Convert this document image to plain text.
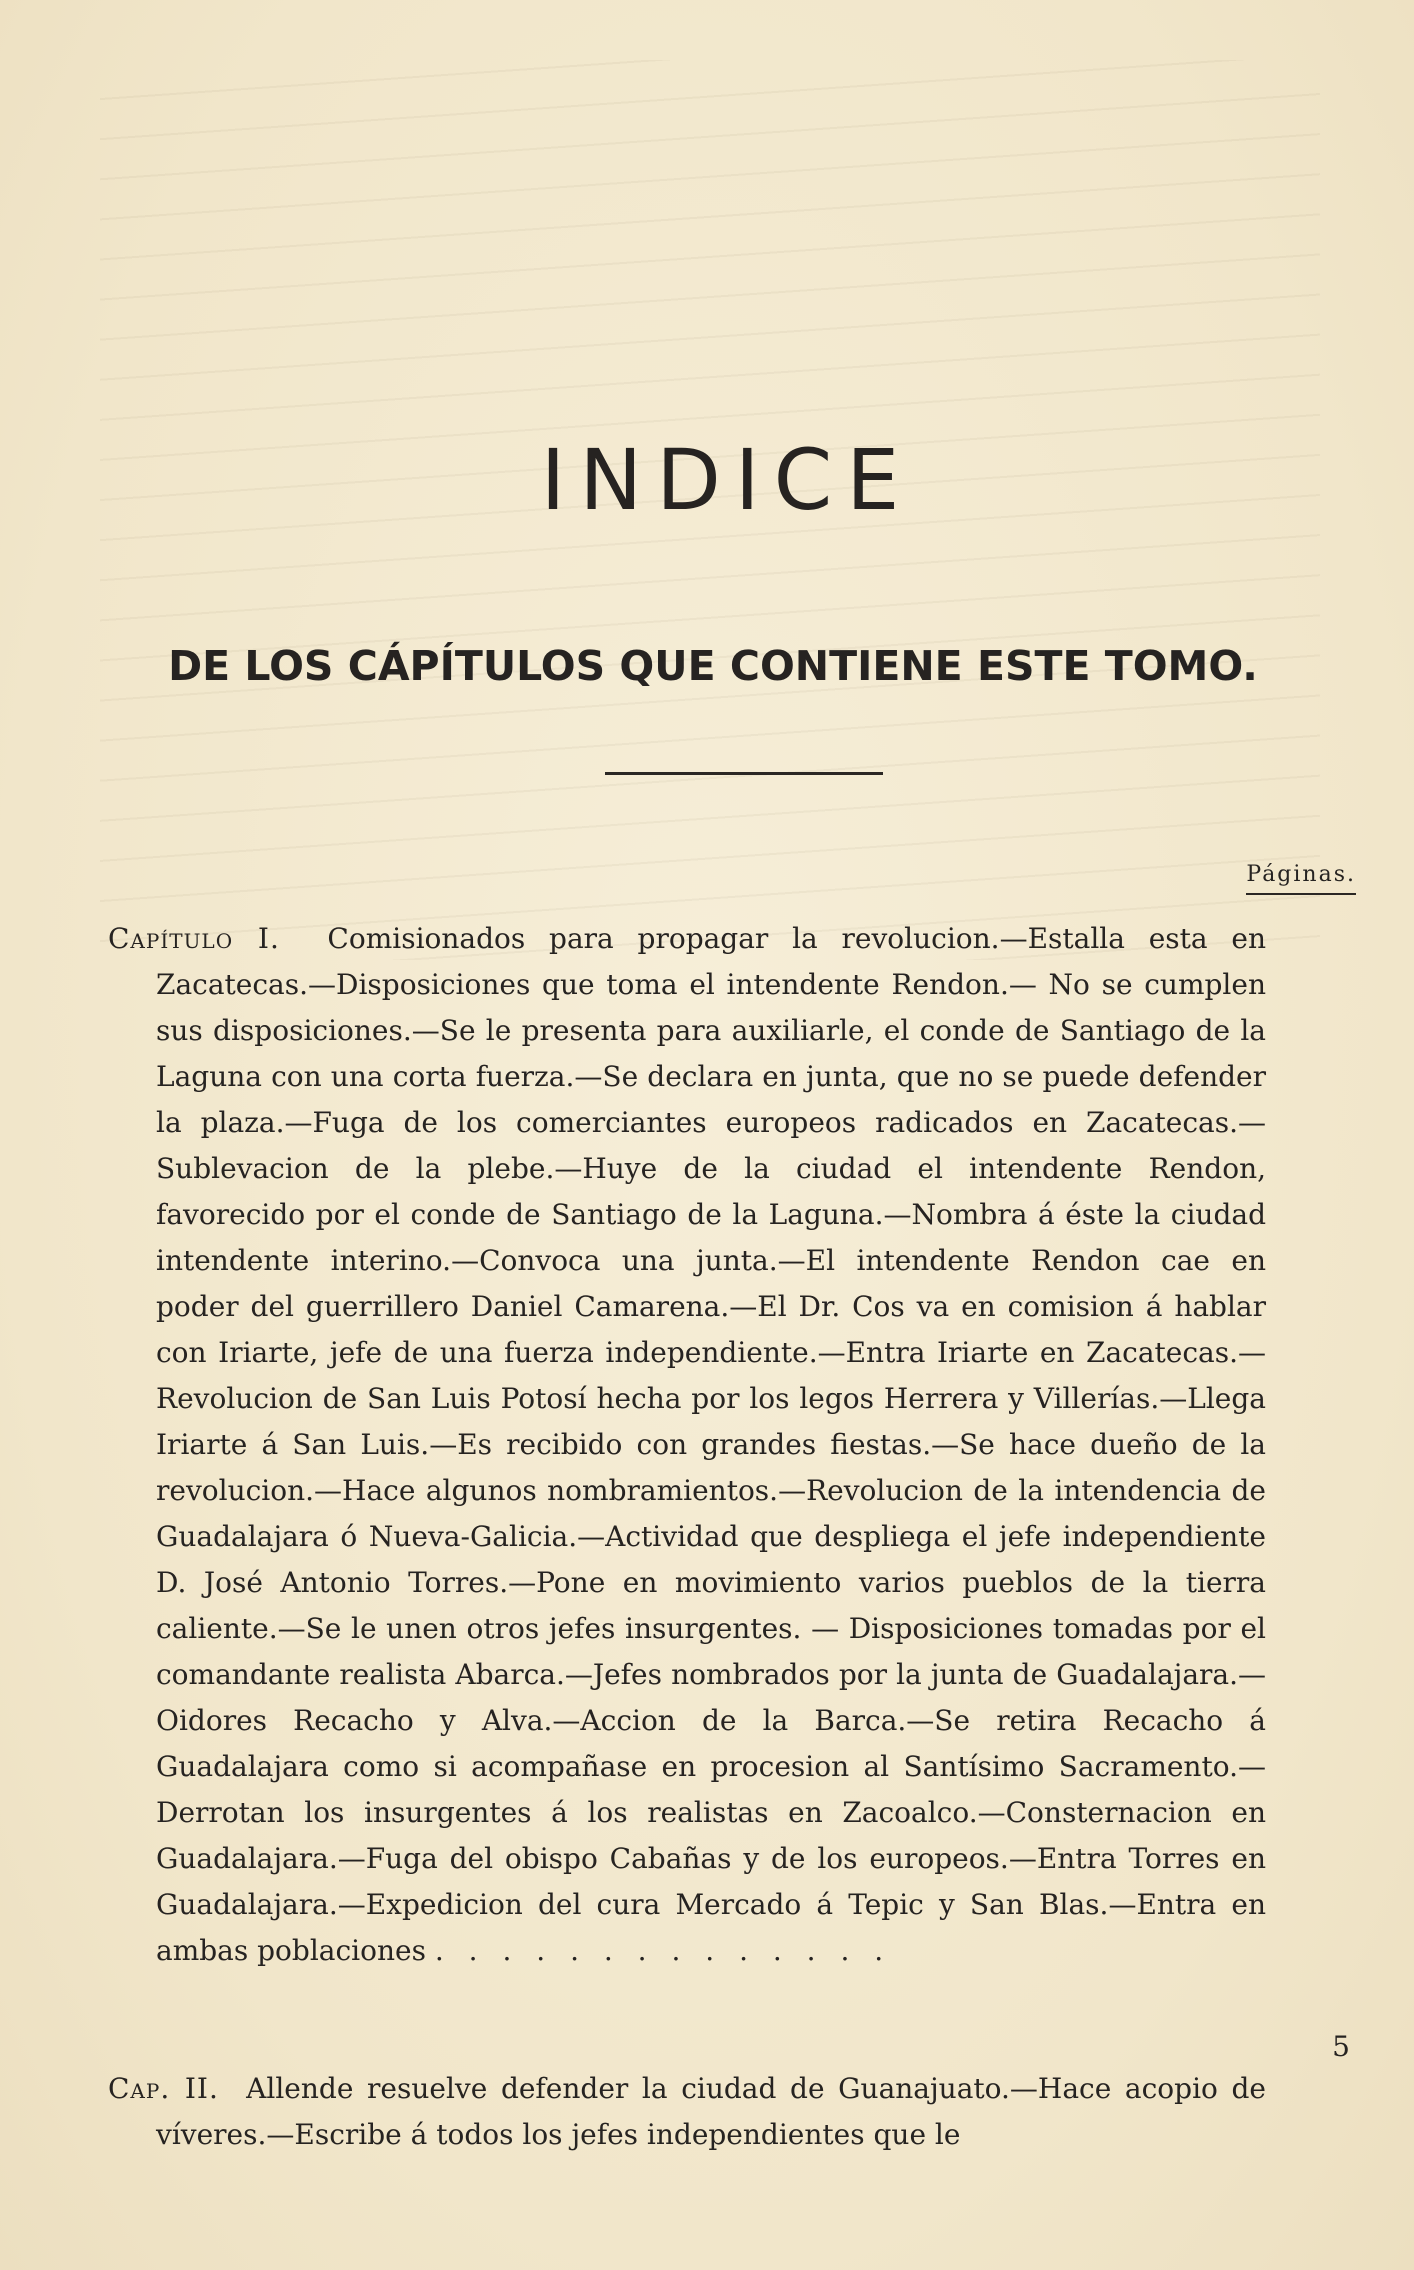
INDICE
DE LOS CÁPÍTULOS QUE CONTIENE ESTE TOMO.
Páginas.
Capítulo I. Comisionados para propagar la revolucion.—Estalla esta en Zacatecas.—Disposiciones que toma el intendente Rendon.— No se cumplen sus disposiciones.—Se le presenta para auxiliarle, el conde de Santiago de la Laguna con una corta fuerza.—Se declara en junta, que no se puede defender la plaza.—Fuga de los comerciantes europeos radicados en Zacatecas.—Sublevacion de la plebe.—Huye de la ciudad el intendente Rendon, favorecido por el conde de Santiago de la Laguna.—Nombra á éste la ciudad intendente interino.—Convoca una junta.—El intendente Rendon cae en poder del guerrillero Daniel Camarena.—El Dr. Cos va en comision á hablar con Iriarte, jefe de una fuerza independiente.—Entra Iriarte en Zacatecas.—Revolucion de San Luis Potosí hecha por los legos Herrera y Villerías.—Llega Iriarte á San Luis.—Es recibido con grandes fiestas.—Se hace dueño de la revolucion.—Hace algunos nombramientos.—Revolucion de la intendencia de Guadalajara ó Nueva-Galicia.—Actividad que despliega el jefe independiente D. José Antonio Torres.—Pone en movimiento varios pueblos de la tierra caliente.—Se le unen otros jefes insurgentes. — Disposiciones tomadas por el comandante realista Abarca.—Jefes nombrados por la junta de Guadalajara.—Oidores Recacho y Alva.—Accion de la Barca.—Se retira Recacho á Guadalajara como si acompañase en procesion al Santísimo Sacramento.—Derrotan los insurgentes á los realistas en Zacoalco.—Consternacion en Guadalajara.—Fuga del obispo Cabañas y de los europeos.—Entra Torres en Guadalajara.—Expedicion del cura Mercado á Tepic y San Blas.—Entra en ambas poblaciones . . . . . . . . . . . . . .
5
Cap. II. Allende resuelve defender la ciudad de Guanajuato.—Hace acopio de víveres.—Escribe á todos los jefes independientes que le
